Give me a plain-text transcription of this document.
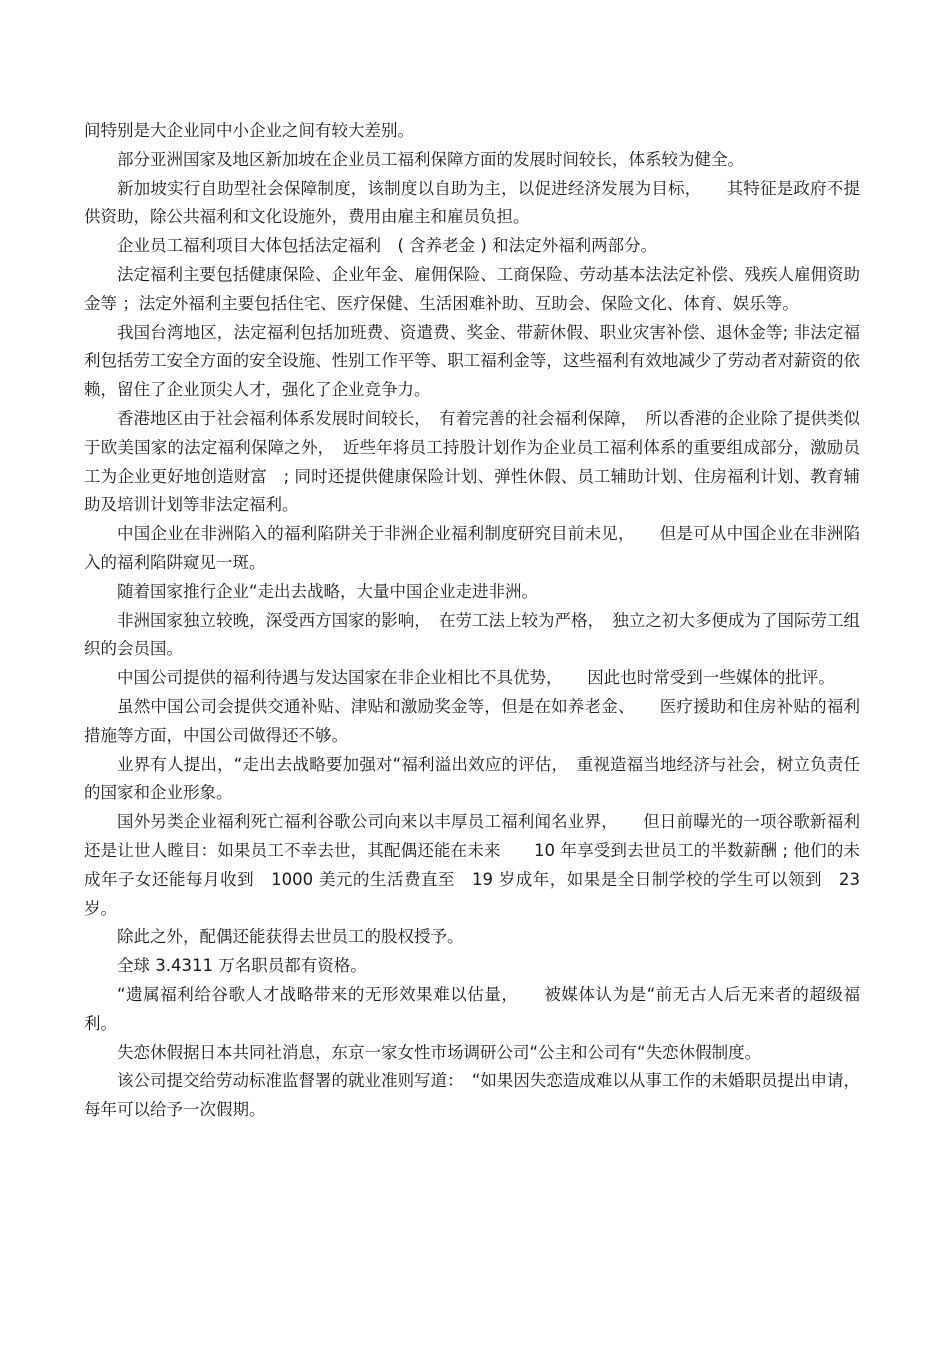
间特别是大企业同中小企业之间有较大差别。

部分亚洲国家及地区新加坡在企业员工福利保障方面的发展时间较长，体系较为健全。

新加坡实行自助型社会保障制度，该制度以自助为主，以促进经济发展为目标，　　其特征是政府不提供资助，除公共福利和文化设施外，费用由雇主和雇员负担。

企业员工福利项目大体包括法定福利　( 含养老金 ) 和法定外福利两部分。

法定福利主要包括健康保险、企业年金、雇佣保险、工商保险、劳动基本法法定补偿、残疾人雇佣资助金等 ；法定外福利主要包括住宅、医疗保健、生活困难补助、互助会、保险文化、体育、娱乐等。

我国台湾地区，法定福利包括加班费、资遣费、奖金、带薪休假、职业灾害补偿、退休金等; 非法定福利包括劳工安全方面的安全设施、性别工作平等、职工福利金等，这些福利有效地减少了劳动者对薪资的依赖，留住了企业顶尖人才，强化了企业竞争力。

香港地区由于社会福利体系发展时间较长，　有着完善的社会福利保障，　所以香港的企业除了提供类似于欧美国家的法定福利保障之外，　近些年将员工持股计划作为企业员工福利体系的重要组成部分，激励员工为企业更好地创造财富　; 同时还提供健康保险计划、弹性休假、员工辅助计划、住房福利计划、教育辅助及培训计划等非法定福利。

中国企业在非洲陷入的福利陷阱关于非洲企业福利制度研究目前未见，　　但是可从中国企业在非洲陷入的福利陷阱窥见一斑。

随着国家推行企业“走出去战略，大量中国企业走进非洲。

非洲国家独立较晚，深受西方国家的影响，　在劳工法上较为严格，　独立之初大多便成为了国际劳工组织的会员国。

中国公司提供的福利待遇与发达国家在非企业相比不具优势，　　因此也时常受到一些媒体的批评。

虽然中国公司会提供交通补贴、津贴和激励奖金等，但是在如养老金、　　医疗援助和住房补贴的福利措施等方面，中国公司做得还不够。

业界有人提出，“走出去战略要加强对“福利溢出效应的评估，　重视造福当地经济与社会，树立负责任的国家和企业形象。

国外另类企业福利死亡福利谷歌公司向来以丰厚员工福利闻名业界，　　但日前曝光的一项谷歌新福利还是让世人瞠目：如果员工不幸去世，其配偶还能在未来　　10 年享受到去世员工的半数薪酬 ; 他们的未成年子女还能每月收到　1000 美元的生活费直至　19 岁成年，如果是全日制学校的学生可以领到　23 岁。

除此之外，配偶还能获得去世员工的股权授予。

全球 3.4311 万名职员都有资格。

“遗属福利给谷歌人才战略带来的无形效果难以估量，　　被媒体认为是“前无古人后无来者的超级福利。

失恋休假据日本共同社消息，东京一家女性市场调研公司“公主和公司有“失恋休假制度。

该公司提交给劳动标准监督署的就业准则写道：　“如果因失恋造成难以从事工作的未婚职员提出申请，每年可以给予一次假期。
